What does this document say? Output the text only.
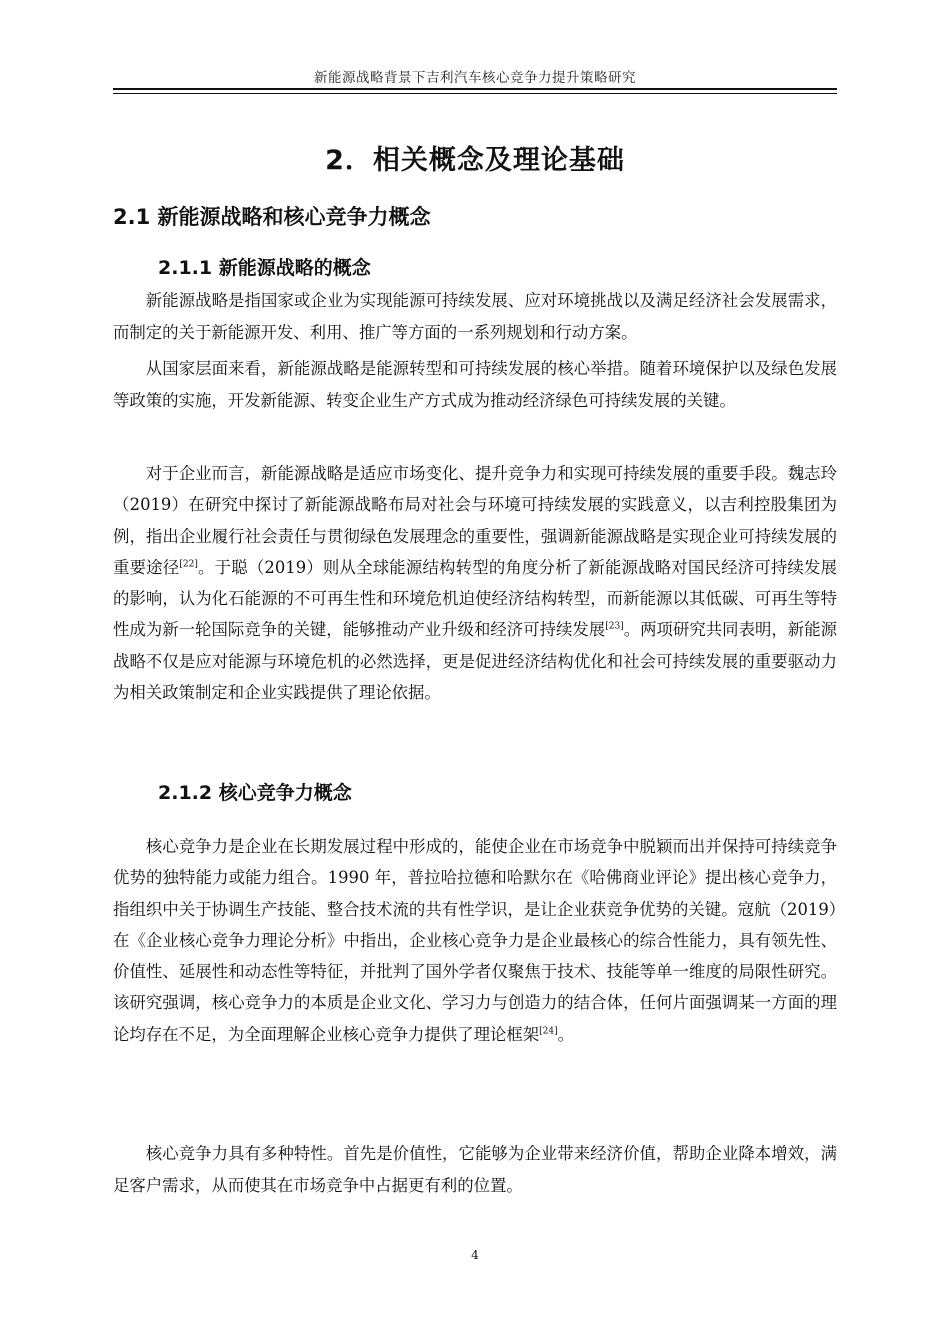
新能源战略背景下吉利汽车核心竞争力提升策略研究
2．相关概念及理论基础
2.1 新能源战略和核心竞争力概念
2.1.1 新能源战略的概念

新能源战略是指国家或企业为实现能源可持续发展、应对环境挑战以及满足经济社会发展需求，而制定的关于新能源开发、利用、推广等方面的一系列规划和行动方案。

从国家层面来看，新能源战略是能源转型和可持续发展的核心举措。随着环境保护以及绿色发展等政策的实施，开发新能源、转变企业生产方式成为推动经济绿色可持续发展的关键。

对于企业而言，新能源战略是适应市场变化、提升竞争力和实现可持续发展的重要手段。魏志玲（2019）在研究中探讨了新能源战略布局对社会与环境可持续发展的实践意义，以吉利控股集团为例，指出企业履行社会责任与贯彻绿色发展理念的重要性，强调新能源战略是实现企业可持续发展的重要途径[22]。于聪（2019）则从全球能源结构转型的角度分析了新能源战略对国民经济可持续发展的影响，认为化石能源的不可再生性和环境危机迫使经济结构转型，而新能源以其低碳、可再生等特性成为新一轮国际竞争的关键，能够推动产业升级和经济可持续发展[23]。两项研究共同表明，新能源战略不仅是应对能源与环境危机的必然选择，更是促进经济结构优化和社会可持续发展的重要驱动力为相关政策制定和企业实践提供了理论依据。

2.1.2 核心竞争力概念

核心竞争力是企业在长期发展过程中形成的，能使企业在市场竞争中脱颖而出并保持可持续竞争优势的独特能力或能力组合。1990 年，普拉哈拉德和哈默尔在《哈佛商业评论》提出核心竞争力，指组织中关于协调生产技能、整合技术流的共有性学识，是让企业获竞争优势的关键。寇航（2019）在《企业核心竞争力理论分析》中指出，企业核心竞争力是企业最核心的综合性能力，具有领先性、价值性、延展性和动态性等特征，并批判了国外学者仅聚焦于技术、技能等单一维度的局限性研究。该研究强调，核心竞争力的本质是企业文化、学习力与创造力的结合体，任何片面强调某一方面的理论均存在不足，为全面理解企业核心竞争力提供了理论框架[24]。

核心竞争力具有多种特性。首先是价值性，它能够为企业带来经济价值，帮助企业降本增效，满足客户需求，从而使其在市场竞争中占据更有利的位置。

4
